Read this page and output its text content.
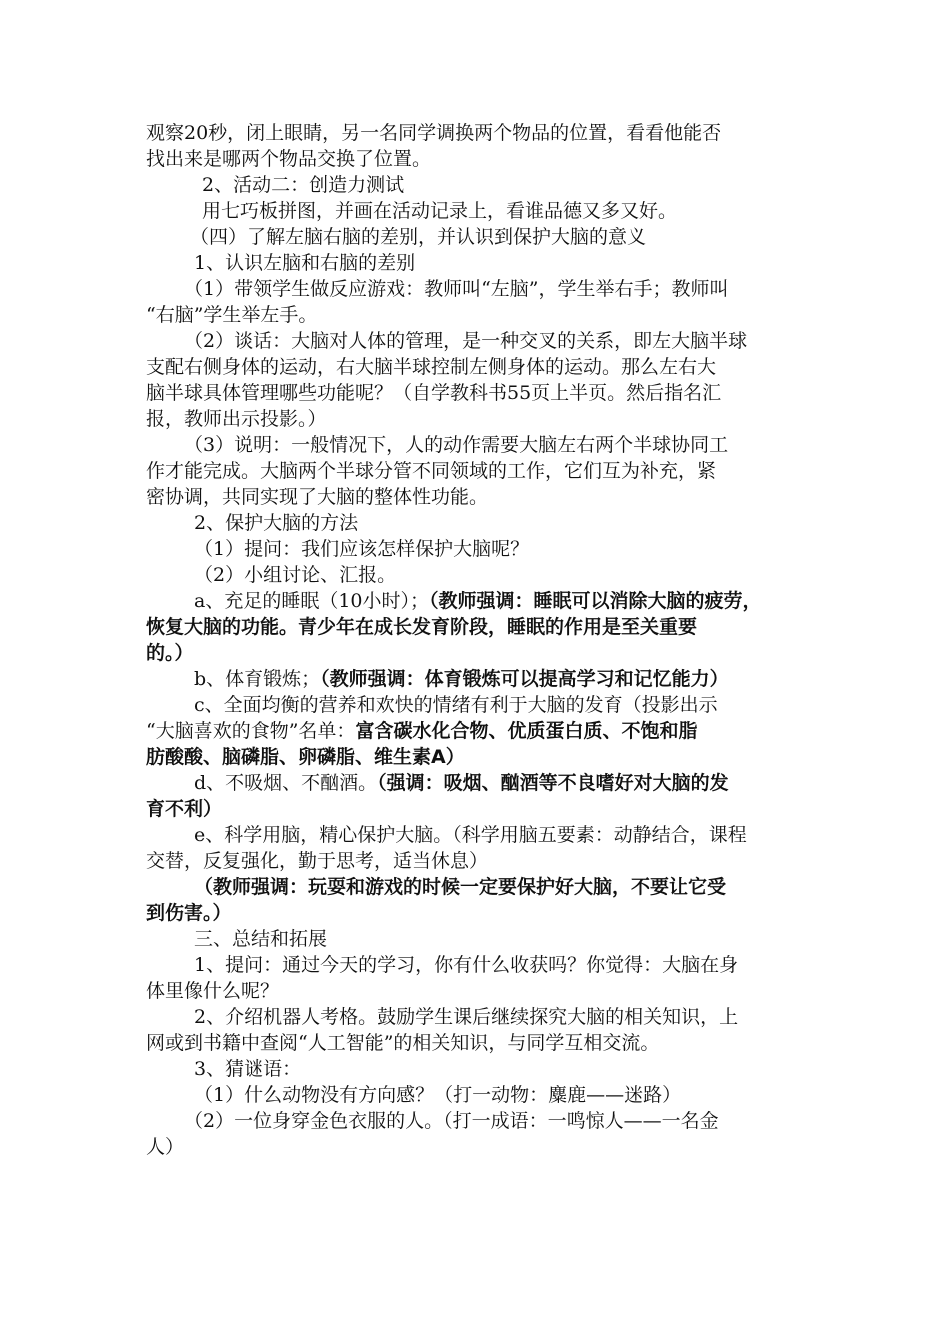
观察20秒，闭上眼睛，另一名同学调换两个物品的位置，看看他能否
找出来是哪两个物品交换了位置。
2、活动二：创造力测试
用七巧板拼图，并画在活动记录上，看谁品德又多又好。
（四）了解左脑右脑的差别，并认识到保护大脑的意义
1、认识左脑和右脑的差别
（1）带领学生做反应游戏：教师叫“左脑”，学生举右手；教师叫
“右脑”学生举左手。
（2）谈话：大脑对人体的管理，是一种交叉的关系，即左大脑半球
支配右侧身体的运动，右大脑半球控制左侧身体的运动。那么左右大
脑半球具体管理哪些功能呢？（自学教科书55页上半页。然后指名汇
报，教师出示投影。）
（3）说明：一般情况下，人的动作需要大脑左右两个半球协同工
作才能完成。大脑两个半球分管不同领域的工作，它们互为补充，紧
密协调，共同实现了大脑的整体性功能。
2、保护大脑的方法
（1）提问：我们应该怎样保护大脑呢？
（2）小组讨论、汇报。
a、充足的睡眠（10小时）；（教师强调：睡眠可以消除大脑的疲劳，
恢复大脑的功能。青少年在成长发育阶段，睡眠的作用是至关重要
的。）
b、体育锻炼；（教师强调：体育锻炼可以提高学习和记忆能力）
c、全面均衡的营养和欢快的情绪有利于大脑的发育（投影出示
“大脑喜欢的食物”名单：富含碳水化合物、优质蛋白质、不饱和脂
肪酸酸、脑磷脂、卵磷脂、维生素A）
d、不吸烟、不酗酒。（强调：吸烟、酗酒等不良嗜好对大脑的发
育不利）
e、科学用脑，精心保护大脑。（科学用脑五要素：动静结合，课程
交替，反复强化，勤于思考，适当休息）
（教师强调：玩耍和游戏的时候一定要保护好大脑，不要让它受
到伤害。）
三、总结和拓展
1、提问：通过今天的学习，你有什么收获吗？你觉得：大脑在身
体里像什么呢？
2、介绍机器人考格。鼓励学生课后继续探究大脑的相关知识，上
网或到书籍中查阅“人工智能”的相关知识，与同学互相交流。
3、猜谜语：
（1）什么动物没有方向感？（打一动物：麋鹿——迷路）
（2）一位身穿金色衣服的人。（打一成语：一鸣惊人——一名金
人）
